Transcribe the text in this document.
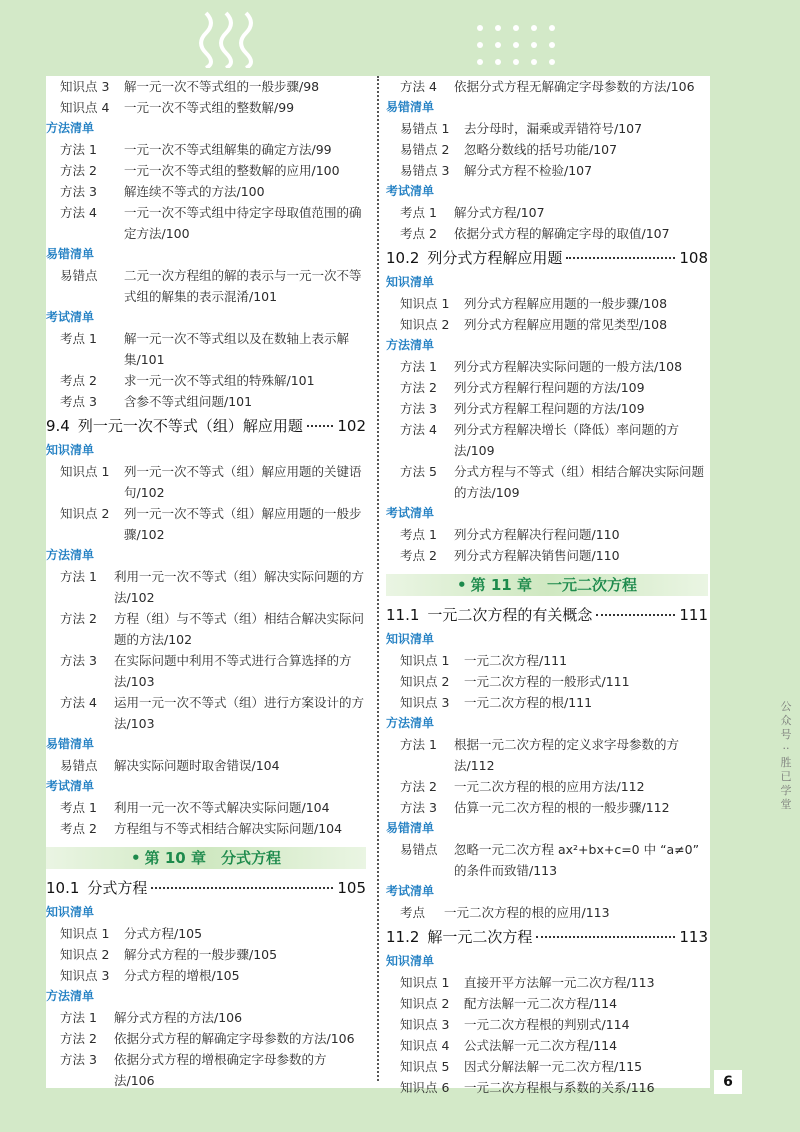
知识点 3	解一元一次不等式组的一般步骤/98
知识点 4	一元一次不等式组的整数解/99
方法清单
方法 1	一元一次不等式组解集的确定方法/99
方法 2	一元一次不等式组的整数解的应用/100
方法 3	解连续不等式的方法/100
方法 4	一元一次不等式组中待定字母取值范围的确定方法/100
易错清单
易错点	二元一次方程组的解的表示与一元一次不等式组的解集的表示混淆/101
考试清单
考点 1	解一元一次不等式组以及在数轴上表示解集/101
考点 2	求一元一次不等式组的特殊解/101
考点 3	含参不等式组问题/101
9.4 列一元一次不等式（组）解应用题 102
知识清单
知识点 1	列一元一次不等式（组）解应用题的关键语句/102
知识点 2	列一元一次不等式（组）解应用题的一般步骤/102
方法清单
方法 1	利用一元一次不等式（组）解决实际问题的方法/102
方法 2	方程（组）与不等式（组）相结合解决实际问题的方法/102
方法 3	在实际问题中利用不等式进行合算选择的方法/103
方法 4	运用一元一次不等式（组）进行方案设计的方法/103
易错清单
易错点	解决实际问题时取舍错误/104
考试清单
考点 1	利用一元一次不等式解决实际问题/104
考点 2	方程组与不等式相结合解决实际问题/104
• 第 10 章　分式方程
10.1 分式方程	105
知识清单
知识点 1	分式方程/105
知识点 2	解分式方程的一般步骤/105
知识点 3	分式方程的增根/105
方法清单
方法 1	解分式方程的方法/106
方法 2	依据分式方程的解确定字母参数的方法/106
方法 3	依据分式方程的增根确定字母参数的方法/106
方法 4	依据分式方程无解确定字母参数的方法/106
易错清单
易错点 1	去分母时，漏乘或弄错符号/107
易错点 2	忽略分数线的括号功能/107
易错点 3	解分式方程不检验/107
考试清单
考点 1	解分式方程/107
考点 2	依据分式方程的解确定字母的取值/107
10.2 列分式方程解应用题	108
知识清单
知识点 1	列分式方程解应用题的一般步骤/108
知识点 2	列分式方程解应用题的常见类型/108
方法清单
方法 1	列分式方程解决实际问题的一般方法/108
方法 2	列分式方程解行程问题的方法/109
方法 3	列分式方程解工程问题的方法/109
方法 4	列分式方程解决增长（降低）率问题的方法/109
方法 5	分式方程与不等式（组）相结合解决实际问题的方法/109
考试清单
考点 1	列分式方程解决行程问题/110
考点 2	列分式方程解决销售问题/110
• 第 11 章　一元二次方程
11.1 一元二次方程的有关概念	111
知识清单
知识点 1	一元二次方程/111
知识点 2	一元二次方程的一般形式/111
知识点 3	一元二次方程的根/111
方法清单
方法 1	根据一元二次方程的定义求字母参数的方法/112
方法 2	一元二次方程的根的应用方法/112
方法 3	估算一元二次方程的根的一般步骤/112
易错清单
易错点	忽略一元二次方程 ax²+bx+c=0 中 “a≠0” 的条件而致错/113
考试清单
考点	一元二次方程的根的应用/113
11.2 解一元二次方程	113
知识清单
知识点 1	直接开平方法解一元二次方程/113
知识点 2	配方法解一元二次方程/114
知识点 3	一元二次方程根的判别式/114
知识点 4	公式法解一元二次方程/114
知识点 5	因式分解法解一元二次方程/115
知识点 6	一元二次方程根与系数的关系/116	6
公
众
号
··
胜
已
学
堂
